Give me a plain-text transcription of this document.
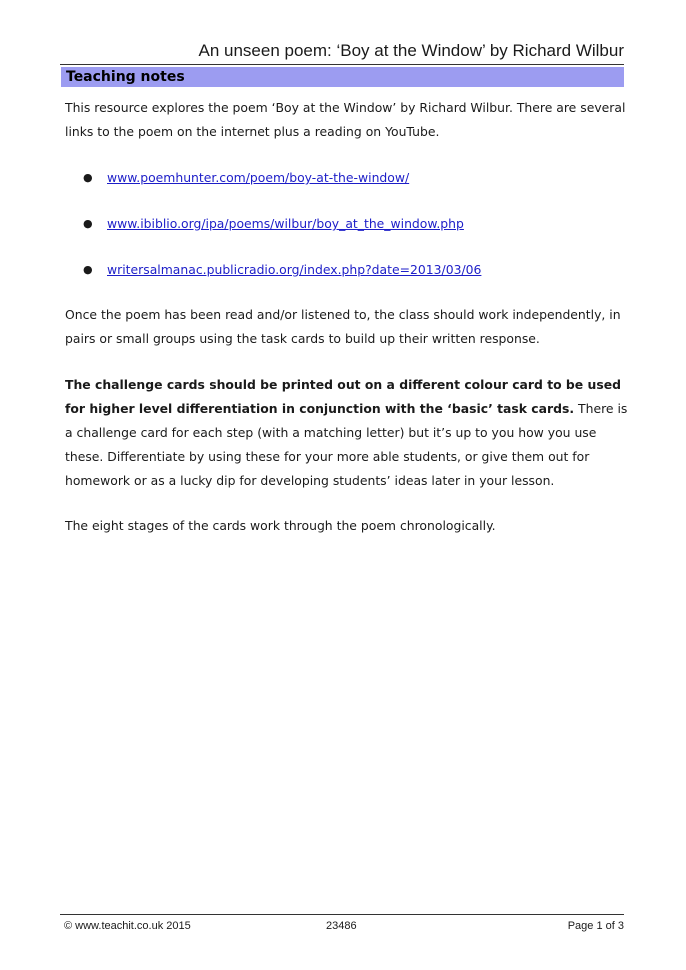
An unseen poem: ‘Boy at the Window’ by Richard Wilbur
Teaching notes

This resource explores the poem ‘Boy at the Window’ by Richard Wilbur. There are several links to the poem on the internet plus a reading on YouTube.

● www.poemhunter.com/poem/boy-at-the-window/
● www.ibiblio.org/ipa/poems/wilbur/boy_at_the_window.php
● writersalmanac.publicradio.org/index.php?date=2013/03/06

Once the poem has been read and/or listened to, the class should work independently, in pairs or small groups using the task cards to build up their written response.

The challenge cards should be printed out on a different colour card to be used for higher level differentiation in conjunction with the ‘basic’ task cards. There is a challenge card for each step (with a matching letter) but it’s up to you how you use these. Differentiate by using these for your more able students, or give them out for homework or as a lucky dip for developing students’ ideas later in your lesson.

The eight stages of the cards work through the poem chronologically.

© www.teachit.co.uk 2015	23486	Page 1 of 3
